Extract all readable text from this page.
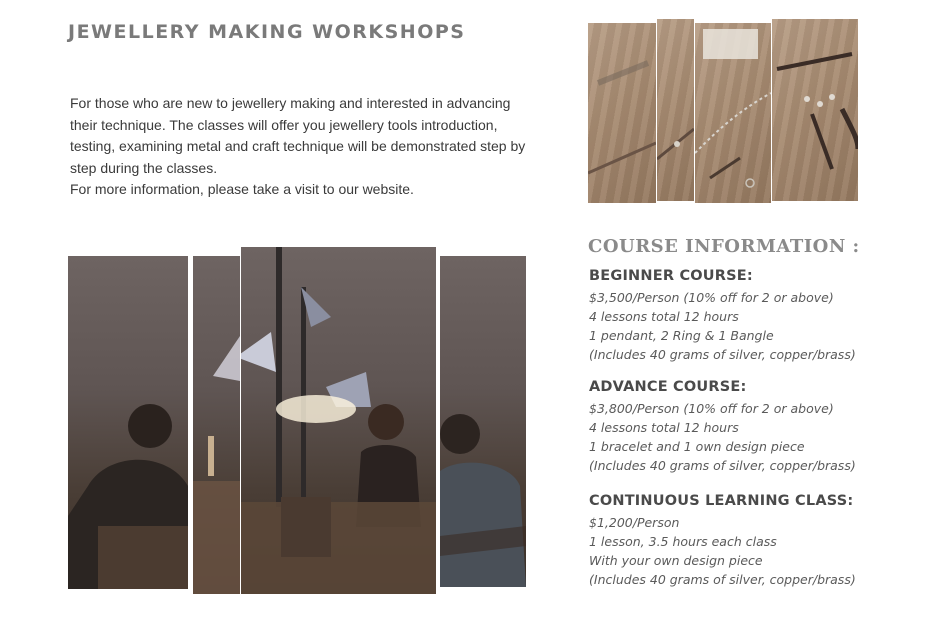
JEWELLERY MAKING WORKSHOPS

For those who are new to jewellery making and interested in advancing their technique. The classes will offer you jewellery tools introduction, testing, examining metal and craft technique will be demonstrated step by step during the classes.

For more information, please take a visit to our website.

COURSE INFORMATION :
BEGINNER COURSE:
$3,500/Person (10% off for 2 or above)
4 lessons total 12 hours
1 pendant, 2 Ring & 1 Bangle
(Includes 40 grams of silver, copper/brass)
ADVANCE COURSE:
$3,800/Person (10% off for 2 or above)
4 lessons total 12 hours
1 bracelet and 1 own design piece
(Includes 40 grams of silver, copper/brass)
CONTINUOUS LEARNING CLASS:
$1,200/Person
1 lesson, 3.5 hours each class
With your own design piece
(Includes 40 grams of silver, copper/brass)
